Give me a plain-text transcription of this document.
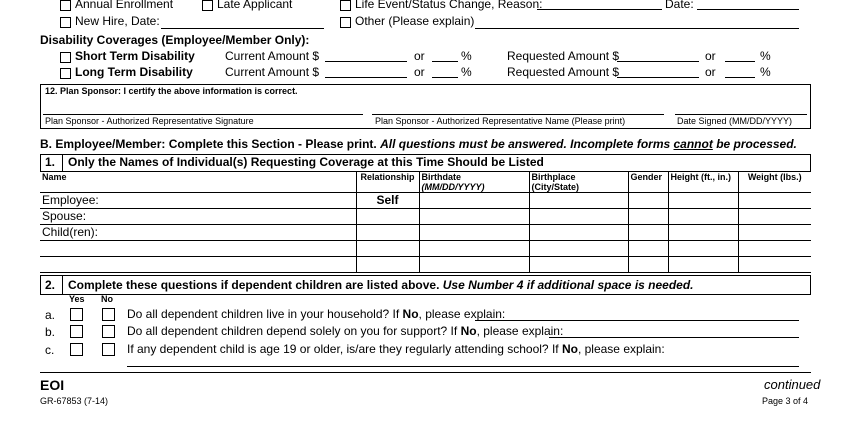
Annual Enrollment	Late Applicant	Life Event/Status Change, Reason:	Date:
New Hire, Date:	Other (Please explain)
Disability Coverages (Employee/Member Only):
Short Term Disability	Current Amount $	or	%	Requested Amount $	or	%
Long Term Disability	Current Amount $	or	%	Requested Amount $	or	%
12. Plan Sponsor: I certify the above information is correct.
Plan Sponsor - Authorized Representative Signature	Plan Sponsor - Authorized Representative Name (Please print)	Date Signed (MM/DD/YYYY)
B. Employee/Member: Complete this Section - Please print. All questions must be answered. Incomplete forms cannot be processed.
1. Only the Names of Individual(s) Requesting Coverage at this Time Should be Listed
Name	Relationship	Birthdate (MM/DD/YYYY)	Birthplace (City/State)	Gender	Height (ft., in.)	Weight (lbs.)
Employee:	Self					
Spouse:						
Child(ren):						

2. Complete these questions if dependent children are listed above. Use Number 4 if additional space is needed.
Yes No
a.	Do all dependent children live in your household? If No, please explain:
b.	Do all dependent children depend solely on you for support? If No, please explain:
c.	If any dependent child is age 19 or older, is/are they regularly attending school? If No, please explain:
EOI	continued
GR-67853 (7-14)	Page 3 of 4
